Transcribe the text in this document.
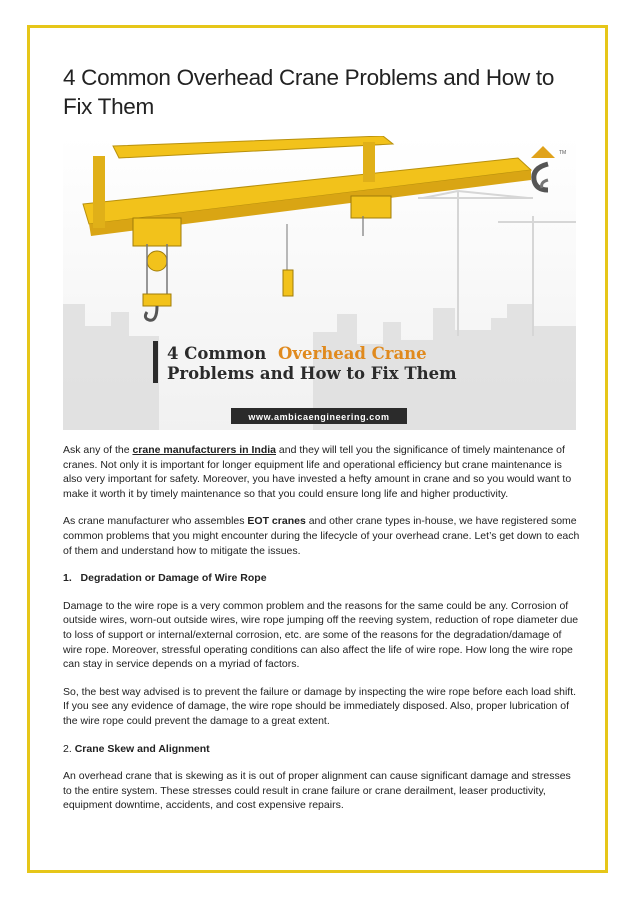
4 Common Overhead Crane Problems and How to Fix Them
TM
4 Common Overhead Crane
Problems and How to Fix Them
www.ambicaengineering.com

Ask any of the crane manufacturers in India and they will tell you the significance of timely maintenance of cranes. Not only it is important for longer equipment life and operational efficiency but crane maintenance is also very important for safety. Moreover, you have invested a hefty amount in crane and so you would want to make it worth it by timely maintenance so that you could ensure long life and higher productivity.

As crane manufacturer who assembles EOT cranes and other crane types in-house, we have registered some common problems that you might encounter during the lifecycle of your overhead crane. Let’s get down to each of them and understand how to mitigate the issues.

1. Degradation or Damage of Wire Rope

Damage to the wire rope is a very common problem and the reasons for the same could be any. Corrosion of outside wires, worn-out outside wires, wire rope jumping off the reeving system, reduction of rope diameter due to loss of support or internal/external corrosion, etc. are some of the reasons for the degradation/damage of wire rope. Moreover, stressful operating conditions can also affect the life of wire rope. How long the wire rope can stay in service depends on a myriad of factors.

So, the best way advised is to prevent the failure or damage by inspecting the wire rope before each load shift. If you see any evidence of damage, the wire rope should be immediately disposed. Also, proper lubrication of the wire rope could prevent the damage to a great extent.

2. Crane Skew and Alignment

An overhead crane that is skewing as it is out of proper alignment can cause significant damage and stresses to the entire system. These stresses could result in crane failure or crane derailment, leaser productivity, equipment downtime, accidents, and cost expensive repairs.
